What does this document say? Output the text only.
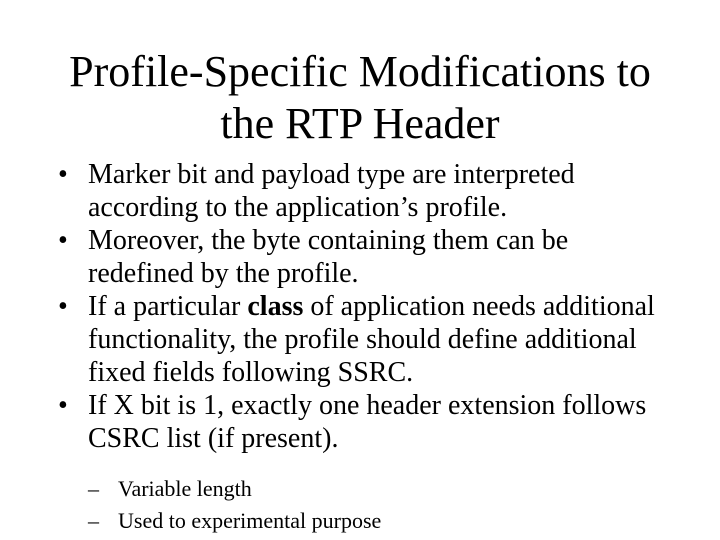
Profile-Specific Modifications to the RTP Header
• Marker bit and payload type are interpreted according to the application’s profile.
• Moreover, the byte containing them can be redefined by the profile.
• If a particular class of application needs additional functionality, the profile should define additional fixed fields following SSRC.
• If X bit is 1, exactly one header extension follows CSRC list (if present).
– Variable length
– Used to experimental purpose
